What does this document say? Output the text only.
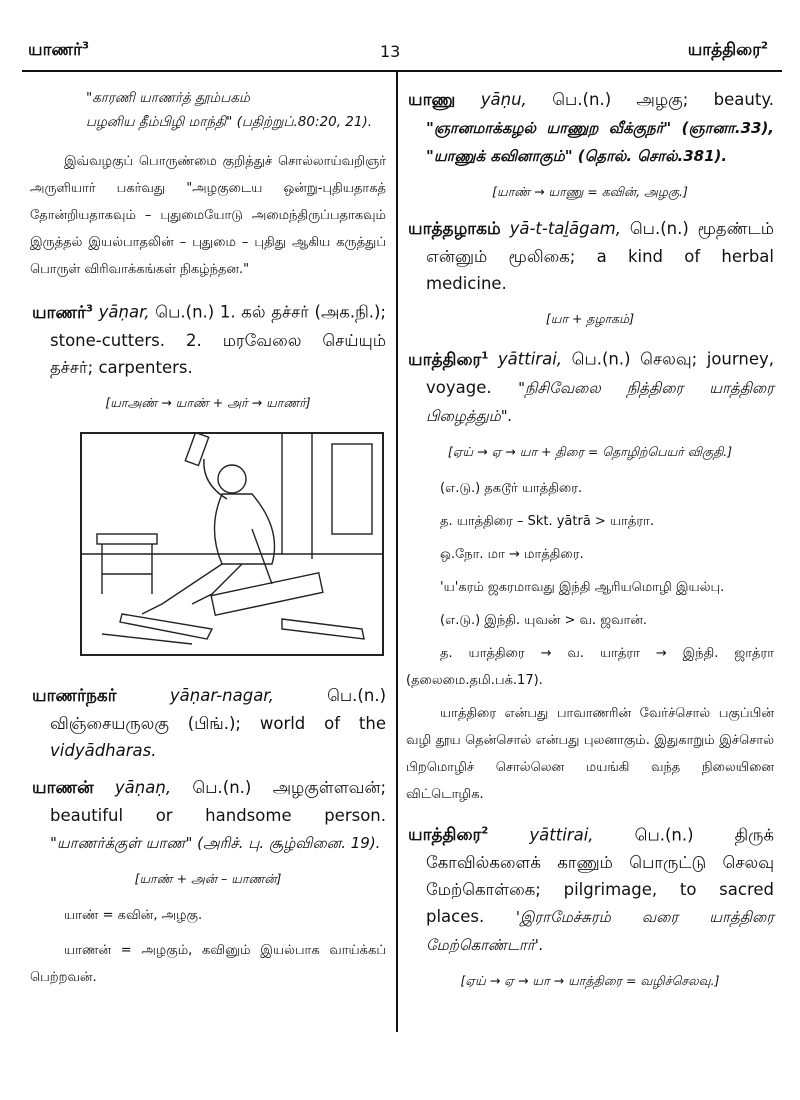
யாணர்$^3$	13	யாத்திரை$^2$
"காரணி யாணர்த் தூம்பகம்
பழனிய தீம்பிழி மாந்தி" (பதிற்றுப்.80:20, 21).
இவ்வழகுப் பொருண்மை குறித்துச் சொல்லாய்வறிஞர் அருளியார் பகர்வது "அழகுடைய ஒன்று-புதியதாகத் தோன்றியதாகவும் – புதுமையோடு அமைந்திருப்பதாகவும் இருத்தல் இயல்பாதலின் – புதுமை – புதிது ஆகிய கருத்துப் பொருள் விரிவாக்கங்கள் நிகழ்ந்தன."
யாணர்$^3$ yāṇar, பெ.(n.) 1. கல் தச்சர் (அக.நி.); stone-cutters. 2. மரவேலை செய்யும் தச்சர்; carpenters.
[யாஅண் → யாண் + அர் → யாணர்]
யாணர்நகர்	yāṇar-nagar,	பெ.(n.) விஞ்சையருலகு (பிங்.); world of the vidyādharas.
யாணன் yāṇaṇ, பெ.(n.) அழகுள்ளவன்; beautiful or handsome person. "யாணர்க்குள் யாண" (அரிச். பு. சூழ்வினை. 19).
[யாண் + அன் – யாணன்]
யாண் = கவின், அழகு.
யாணன் = அழகும், கவினும் இயல்பாக வாய்க்கப் பெற்றவன்.
யாணு yāṇu, பெ.(n.) அழகு; beauty. "ஞானமாக்கழல் யாணுற வீக்குநர்" (ஞானா.33), "யாணுக் கவினாகும்" (தொல். சொல்.381).
[யாண் → யாணு = கவின், அழகு.]
யாத்தழாகம் yā-t-taḻāgam, பெ.(n.) மூதண்டம் என்னும் மூலிகை; a kind of herbal medicine.
[யா + தழாகம்]
யாத்திரை$^1$ yāttirai, பெ.(n.) செலவு; journey, voyage. "நிசிவேலை நித்திரை யாத்திரை பிழைத்தும்".
[ஏய் → ஏ → யா + திரை = தொழிற்பெயர் விகுதி.]
(எ.டு.) தகடூர் யாத்திரை.
த. யாத்திரை – Skt. yātrā > யாத்ரா.
ஒ.நோ. மா → மாத்திரை.
'ய'கரம் ஜகரமாவது இந்தி ஆரியமொழி இயல்பு.
(எ.டு.) இந்தி. யுவன் > வ. ஜவான்.
த. யாத்திரை → வ. யாத்ரா → இந்தி. ஜாத்ரா (தலைமை.தமி.பக்.17).
யாத்திரை என்பது பாவாணரின் வேர்ச்சொல் பகுப்பின் வழி தூய தென்சொல் என்பது புலனாகும். இதுகாறும் இச்சொல் பிறமொழிச் சொல்லென மயங்கி வந்த நிலையினை விட்டொழிக.
யாத்திரை$^2$ yāttirai, பெ.(n.) திருக் கோவில்களைக் காணும் பொருட்டு செலவு மேற்கொள்கை; pilgrimage, to sacred places. 'இராமேச்சுரம் வரை யாத்திரை மேற்கொண்டார்'.
[ஏய் → ஏ → யா → யாத்திரை = வழிச்செலவு.]
